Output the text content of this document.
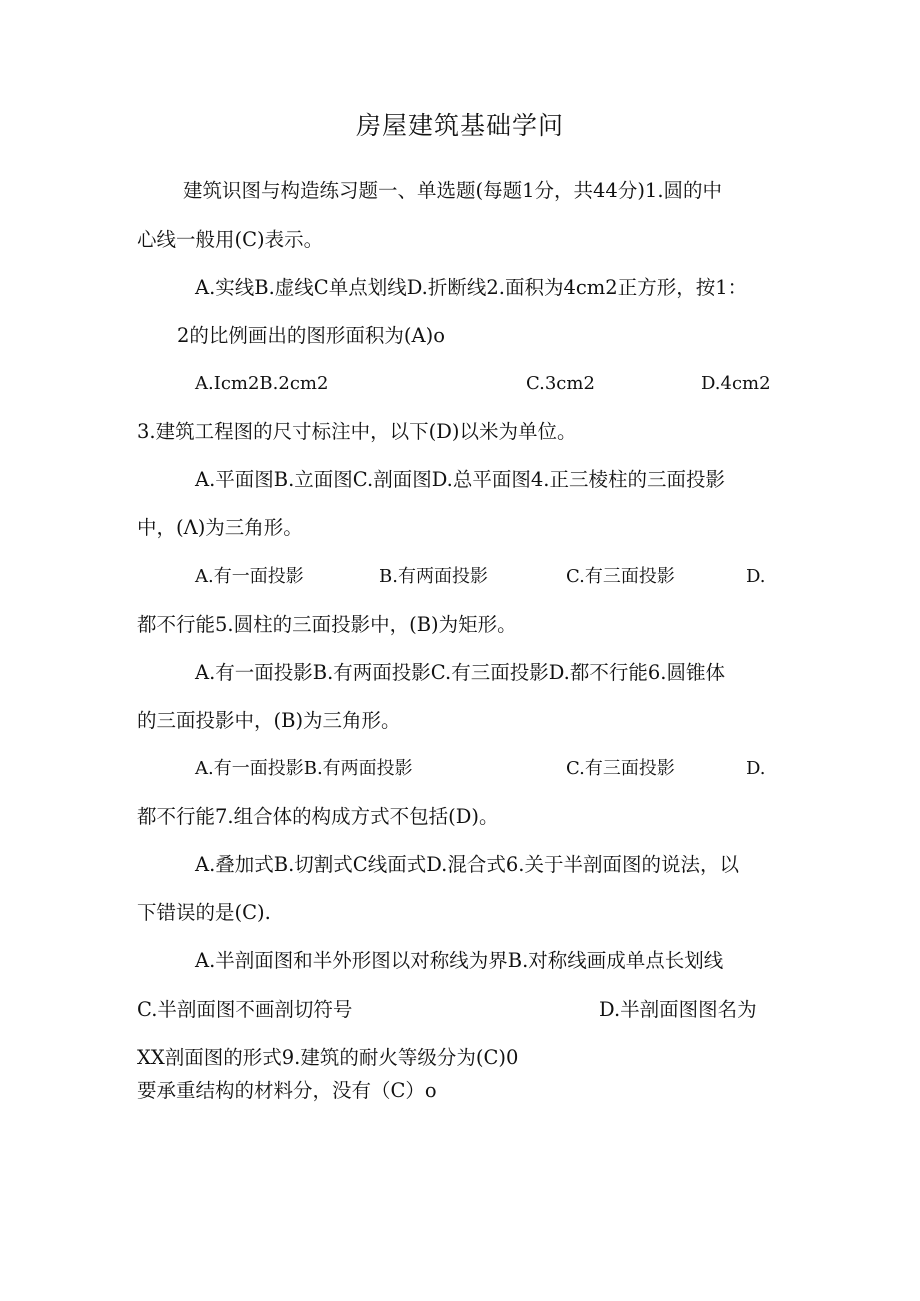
房屋建筑基础学问
建筑识图与构造练习题一、单选题(每题1分，共44分)1.圆的中
心线一般用(C)表示。
A.实线B.虚线C单点划线D.折断线2.面积为4cm2正方形，按1：
2的比例画出的图形面积为(A)o
A.Icm2B.2cm2	C.3cm2	D.4cm2
3.建筑工程图的尺寸标注中，以下(D)以米为单位。
A.平面图B.立面图C.剖面图D.总平面图4.正三棱柱的三面投影
中，(Λ)为三角形。
A.有一面投影	B.有两面投影	C.有三面投影	D.
都不行能5.圆柱的三面投影中，(B)为矩形。
A.有一面投影B.有两面投影C.有三面投影D.都不行能6.圆锥体
的三面投影中，(B)为三角形。
A.有一面投影B.有两面投影	C.有三面投影	D.
都不行能7.组合体的构成方式不包括(D)。
A.叠加式B.切割式C线面式D.混合式6.关于半剖面图的说法，以
下错误的是(C).
A.半剖面图和半外形图以对称线为界B.对称线画成单点长划线
C.半剖面图不画剖切符号	D.半剖面图图名为
XX剖面图的形式9.建筑的耐火等级分为(C)0
要承重结构的材料分，没有（C）o
